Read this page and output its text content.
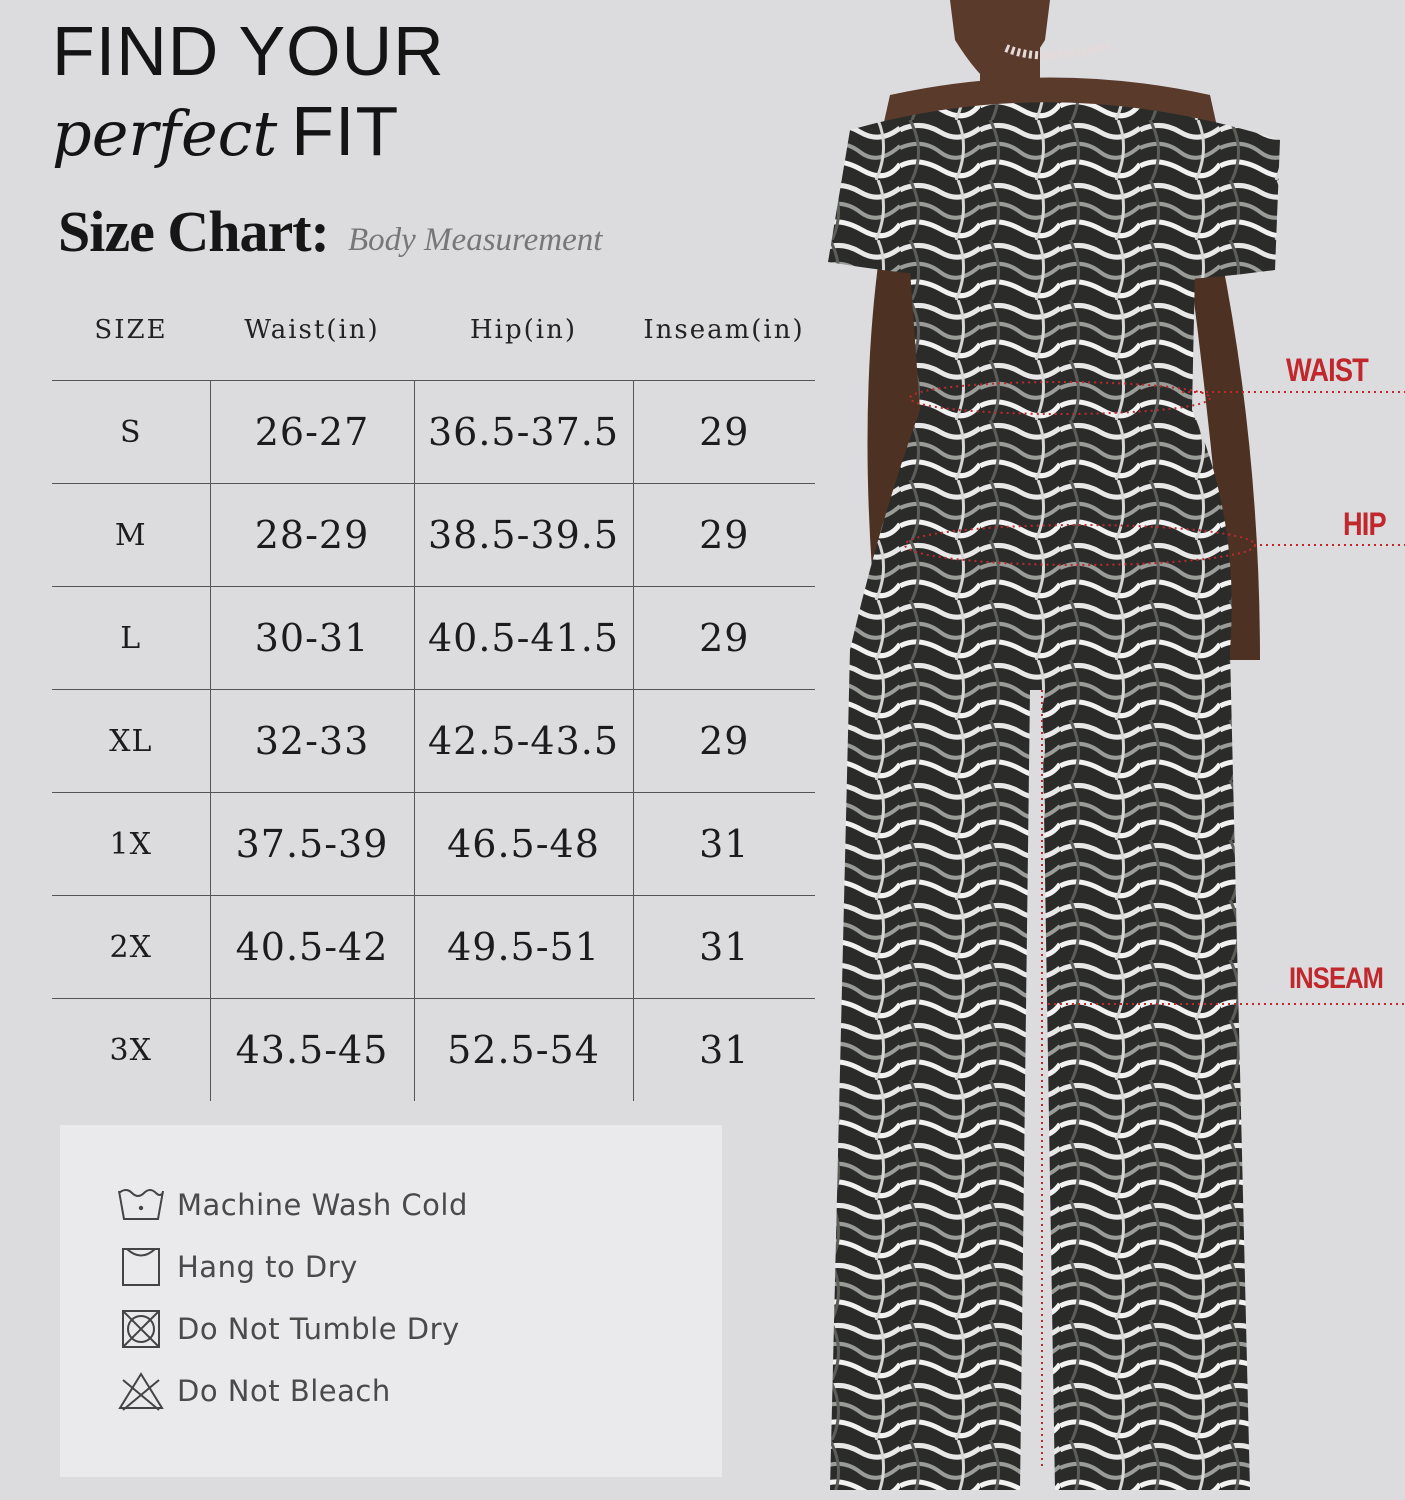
FIND YOUR
perfect FIT
Size Chart: Body Measurement
SIZE	Waist(in)	Hip(in)	Inseam(in)
S	26-27	36.5-37.5	29
M	28-29	38.5-39.5	29
L	30-31	40.5-41.5	29
XL	32-33	42.5-43.5	29
1X	37.5-39	46.5-48	31
2X	40.5-42	49.5-51	31
3X	43.5-45	52.5-54	31
Machine Wash Cold
Hang to Dry
Do Not Tumble Dry
Do Not Bleach
WAIST
HIP
INSEAM
